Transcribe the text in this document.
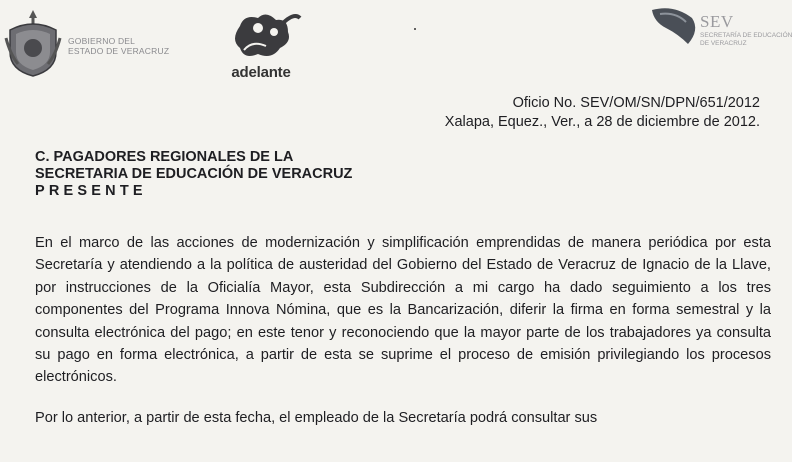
GOBIERNO DEL
ESTADO DE VERACRUZ
adelante
SEV
SECRETARÍA DE EDUCACIÓN
DE VERACRUZ
Oficio No. SEV/OM/SN/DPN/651/2012
Xalapa, Equez., Ver., a 28 de diciembre de 2012.
C. PAGADORES REGIONALES DE LA
SECRETARIA DE EDUCACIÓN DE VERACRUZ
PRESENTE

En el marco de las acciones de modernización y simplificación emprendidas de manera periódica por esta Secretaría y atendiendo a la política de austeridad del Gobierno del Estado de Veracruz de Ignacio de la Llave, por instrucciones de la Oficialía Mayor, esta Subdirección a mi cargo ha dado seguimiento a los tres componentes del Programa Innova Nómina, que es la Bancarización, diferir la firma en forma semestral y la consulta electrónica del pago; en este tenor y reconociendo que la mayor parte de los trabajadores ya consulta su pago en forma electrónica, a partir de esta se suprime el proceso de emisión privilegiando los procesos electrónicos.

Por lo anterior, a partir de esta fecha, el empleado de la Secretaría podrá consultar sus
